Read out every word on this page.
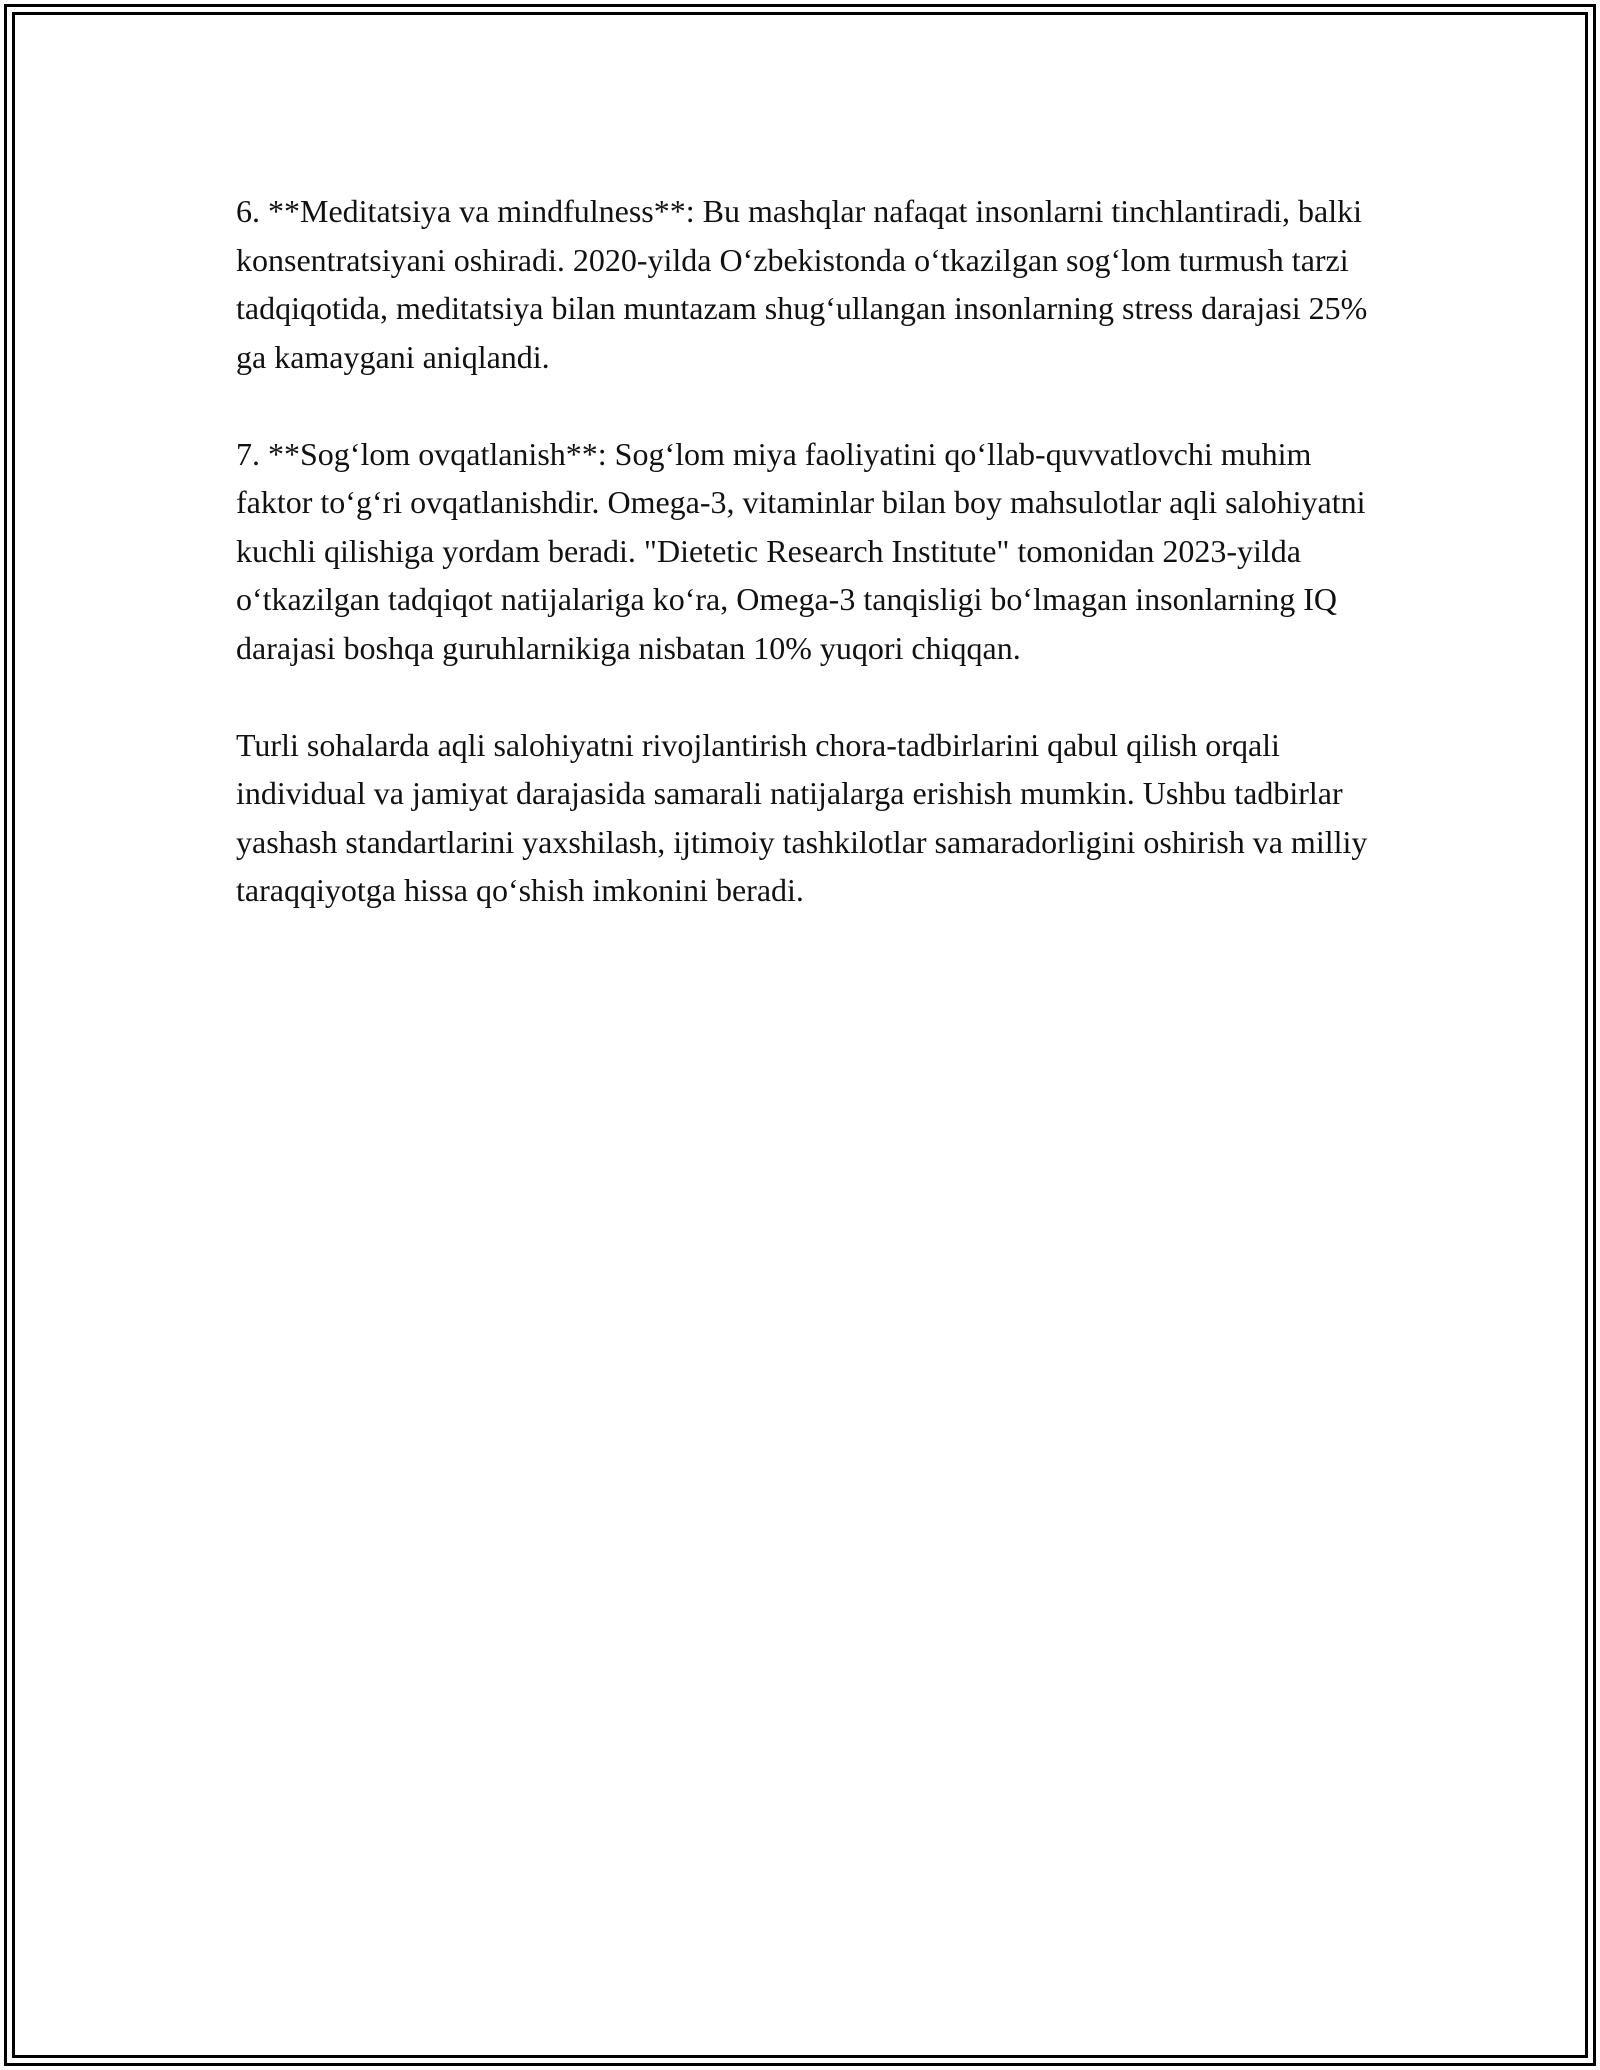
6. **Meditatsiya va mindfulness**: Bu mashqlar nafaqat insonlarni tinchlantiradi, balki konsentratsiyani oshiradi. 2020-yilda O‘zbekistonda o‘tkazilgan sog‘lom turmush tarzi tadqiqotida, meditatsiya bilan muntazam shug‘ullangan insonlarning stress darajasi 25% ga kamaygani aniqlandi.

7. **Sog‘lom ovqatlanish**: Sog‘lom miya faoliyatini qo‘llab-quvvatlovchi muhim faktor to‘g‘ri ovqatlanishdir. Omega-3, vitaminlar bilan boy mahsulotlar aqli salohiyatni kuchli qilishiga yordam beradi. "Dietetic Research Institute" tomonidan 2023-yilda o‘tkazilgan tadqiqot natijalariga ko‘ra, Omega-3 tanqisligi bo‘lmagan insonlarning IQ darajasi boshqa guruhlarnikiga nisbatan 10% yuqori chiqqan.

Turli sohalarda aqli salohiyatni rivojlantirish chora-tadbirlarini qabul qilish orqali individual va jamiyat darajasida samarali natijalarga erishish mumkin. Ushbu tadbirlar yashash standartlarini yaxshilash, ijtimoiy tashkilotlar samaradorligini oshirish va milliy taraqqiyotga hissa qo‘shish imkonini beradi.
